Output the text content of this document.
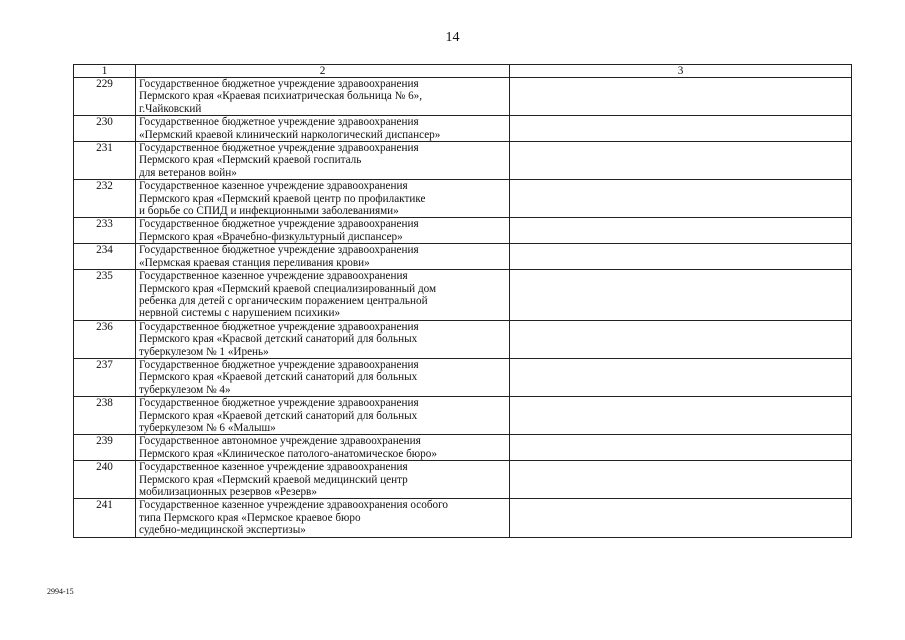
14
1	2	3
229	Государственное бюджетное учреждение здравоохранения
Пермского края «Краевая психиатрическая больница № 6»,
г.Чайковский	

230	Государственное бюджетное учреждение здравоохранения
«Пермский краевой клинический наркологический диспансер»	

231	Государственное бюджетное учреждение здравоохранения
Пермского края «Пермский краевой госпиталь
для ветеранов войн»	

232	Государственное казенное учреждение здравоохранения
Пермского края «Пермский краевой центр по профилактике
и борьбе со СПИД и инфекционными заболеваниями»	

233	Государственное бюджетное учреждение здравоохранения
Пермского края «Врачебно-физкультурный диспансер»	

234	Государственное бюджетное учреждение здравоохранения
«Пермская краевая станция переливания крови»	

235	Государственное казенное учреждение здравоохранения
Пермского края «Пермский краевой специализированный дом
ребенка для детей с органическим поражением центральной
нервной системы с нарушением психики»	

236	Государственное бюджетное учреждение здравоохранения
Пермского края «Красвой детский санаторий для больных
туберкулезом № 1 «Ирень»	

237	Государственное бюджетное учреждение здравоохранения
Пермского края «Краевой детский санаторий для больных
туберкулезом № 4»	

238	Государственное бюджетное учреждение здравоохранения
Пермского края «Краевой детский санаторий для больных
туберкулезом № 6 «Малыш»	

239	Государственное автономное учреждение здравоохранения
Пермского края «Клиническое патолого-анатомическое бюро»	

240	Государственное казенное учреждение здравоохранения
Пермского края «Пермский краевой медицинский центр
мобилизационных резервов «Резерв»	

241	Государственное казенное учреждение здравоохранения особого
типа Пермского края «Пермское краевое бюро
судебно-медицинской экспертизы»	

2994-15
